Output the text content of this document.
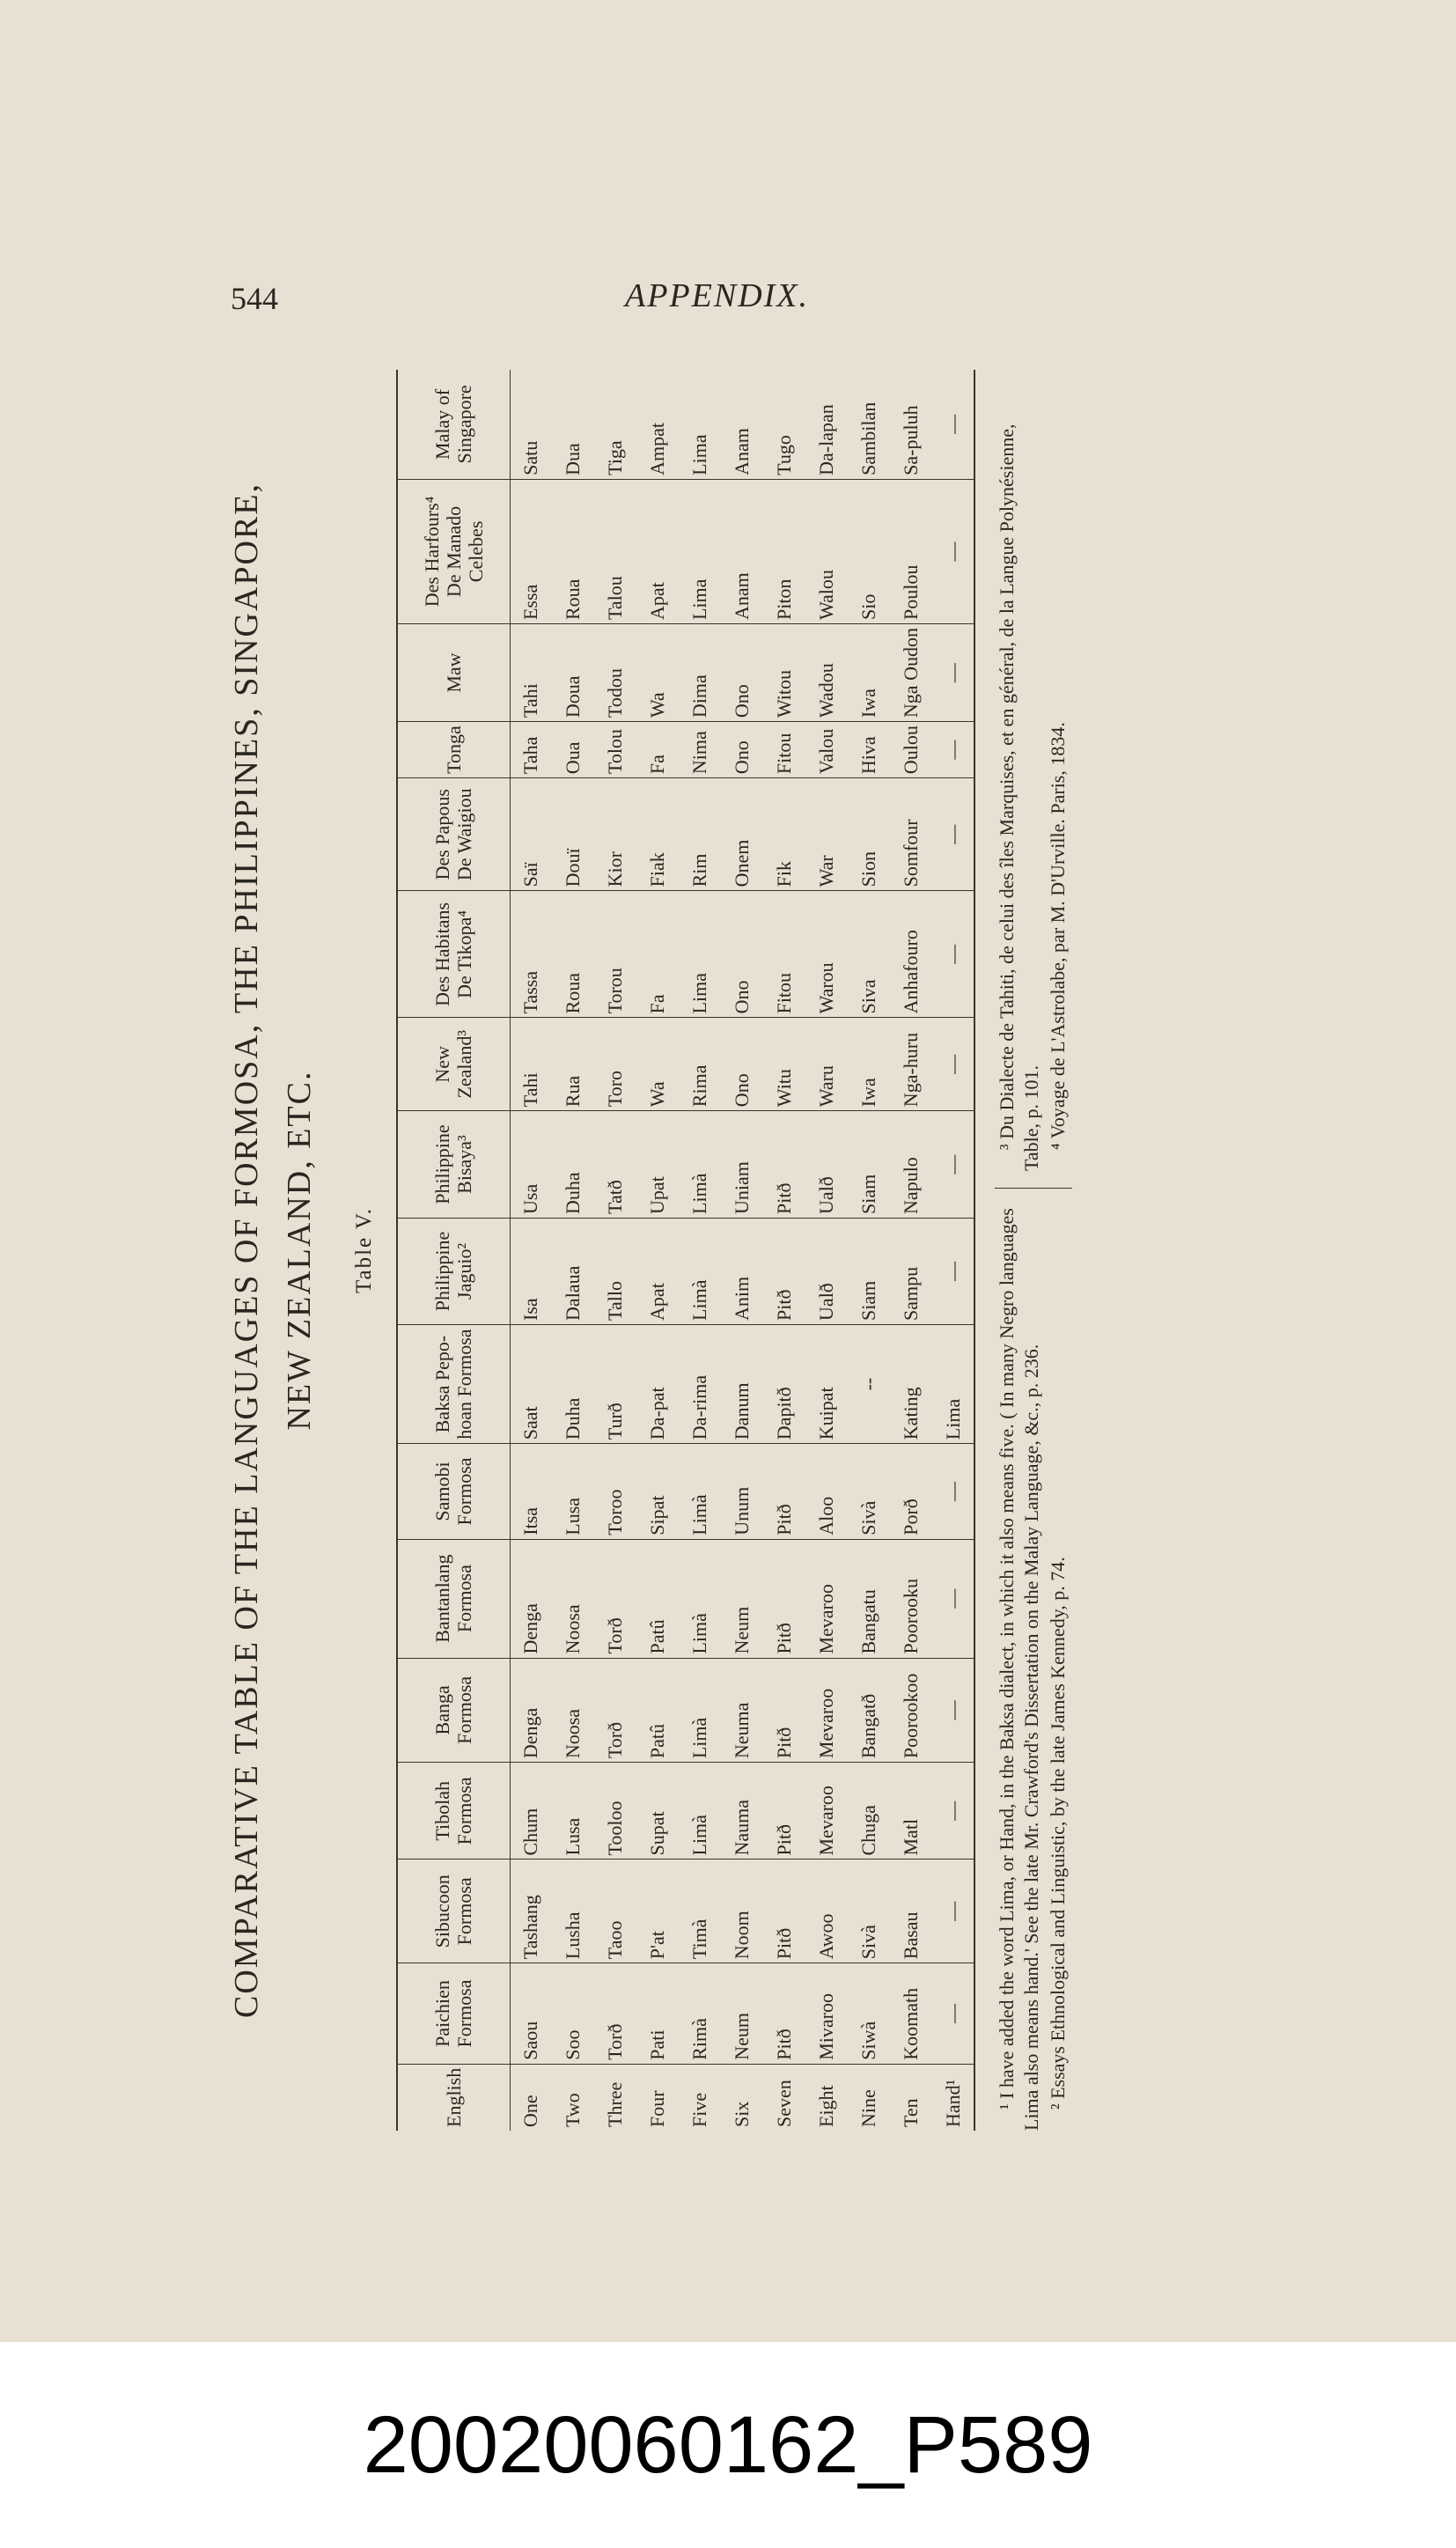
544	APPENDIX.
COMPARATIVE TABLE OF THE LANGUAGES OF FORMOSA, THE PHILIPPINES, SINGAPORE, NEW ZEALAND, ETC.	Table V.
English	Paichien Formosa	Sibucoon Formosa	Tibolah Formosa	Banga Formosa	Bantanlang Formosa	Samobi Formosa	Baksa Pepo-hoan Formosa	Philippine Jaguio²	Philippine Bisaya³	New Zealand³	Des Habitans De Tikopa⁴	Des Papous De Waigiou	Tonga	Maw	Des Harfours⁴ De Manado Celebes	Malay of Singapore
One	Saou	Tashang	Chum	Denga	Denga	Itsa	Saat	Isa	Usa	Tahi	Tassa	Saï	Taha	Tahi	Essa	Satu
Two	Soo	Lusha	Lusa	Noosa	Noosa	Lusa	Duha	Dalaua	Duha	Rua	Roua	Douï	Oua	Doua	Roua	Dua
Three	Torð	Taoo	Tooloo	Torð	Torð	Toroo	Turð	Tallo	Tatð	Toro	Torou	Kior	Tolou	Todou	Talou	Tiga
Four	Pati	P'at	Supat	Patû	Patû	Sipat	Da-pat	Apat	Upat	Wa	Fa	Fiak	Fa	Wa	Apat	Ampat
Five	Rimà	Timà	Limà	Limà	Limà	Limà	Da-rima	Limà	Limà	Rima	Lima	Rim	Nima	Dima	Lima	Lima
Six	Neum	Noom	Nauma	Neuma	Neum	Unum	Danum	Anim	Uniam	Ono	Ono	Onem	Ono	Ono	Anam	Anam
Seven	Pitð	Pitð	Pitð	Pitð	Pitð	Pitð	Dapitð	Pitð	Pitð	Witu	Fitou	Fik	Fitou	Witou	Piton	Tugo
Eight	Mivaroo	Awoo	Mevaroo	Mevaroo	Mevaroo	Aloo	Kuipat	Ualð	Ualð	Waru	Warou	War	Valou	Wadou	Walou	Da-lapan
Nine	Siwà	Sivà	Chuga	Bangatð	Bangatu	Sivà	--	Siam	Siam	Iwa	Siva	Sion	Hiva	Iwa	Sio	Sambilan
Ten	Koomath	Basau	Matl	Poorookoo	Poorooku	Porð	Kating	Sampu	Napulo	Nga-huru	Anhafouro	Somfour	Oulou	Nga Oudon	Poulou	Sa-puluh
Hand¹	—	—	—	—	—	—	Lima	—	—	—	—	—	—	—	—	—

¹ I have added the word Lima, or Hand, in the Baksa dialect, in which it also means five. ( In many Negro languages Lima also means hand.' See the late Mr. Crawford's Dissertation on the Malay Language, &c., p. 236. ² Essays Ethnological and Linguistic, by the late James Kennedy, p. 74.

³ Du Dialecte de Tahiti, de celui des îles Marquises, et en général, de la Langue Polynésienne, Table, p. 101. ⁴ Voyage de L'Astrolabe, par M. D'Urville. Paris, 1834.

20020060162_P589
